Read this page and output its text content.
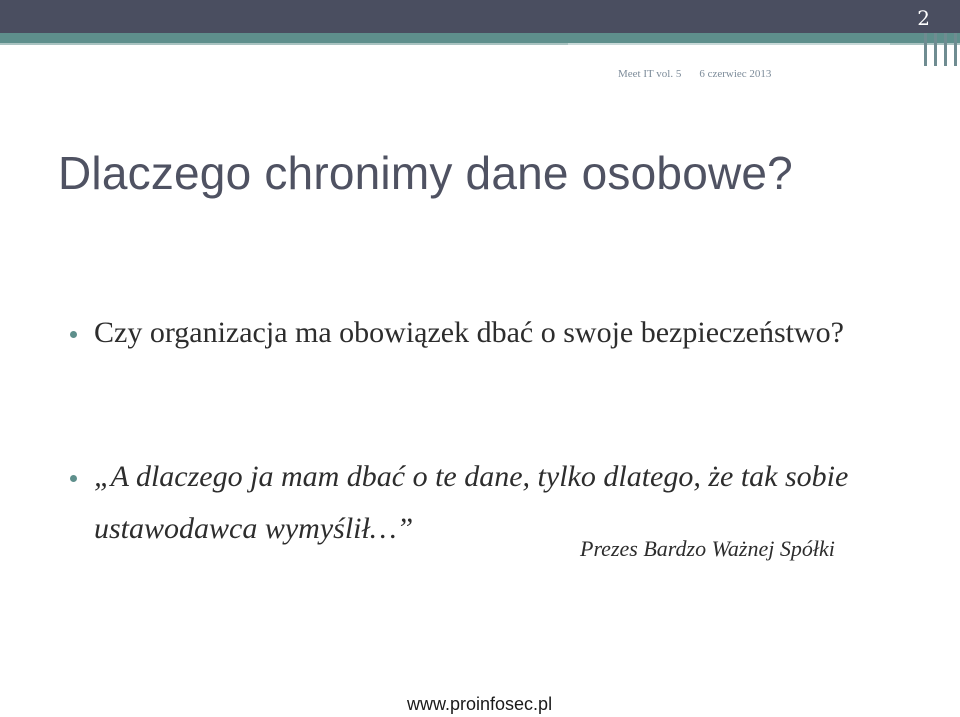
2
Meet IT vol. 5 6 czerwiec 2013
Dlaczego chronimy dane osobowe?
Czy organizacja ma obowiązek dbać o swoje bezpieczeństwo?
„A dlaczego ja mam dbać o te dane, tylko dlatego, że tak sobie ustawodawca wymyślił…”
Prezes Bardzo Ważnej Spółki
www.proinfosec.pl
